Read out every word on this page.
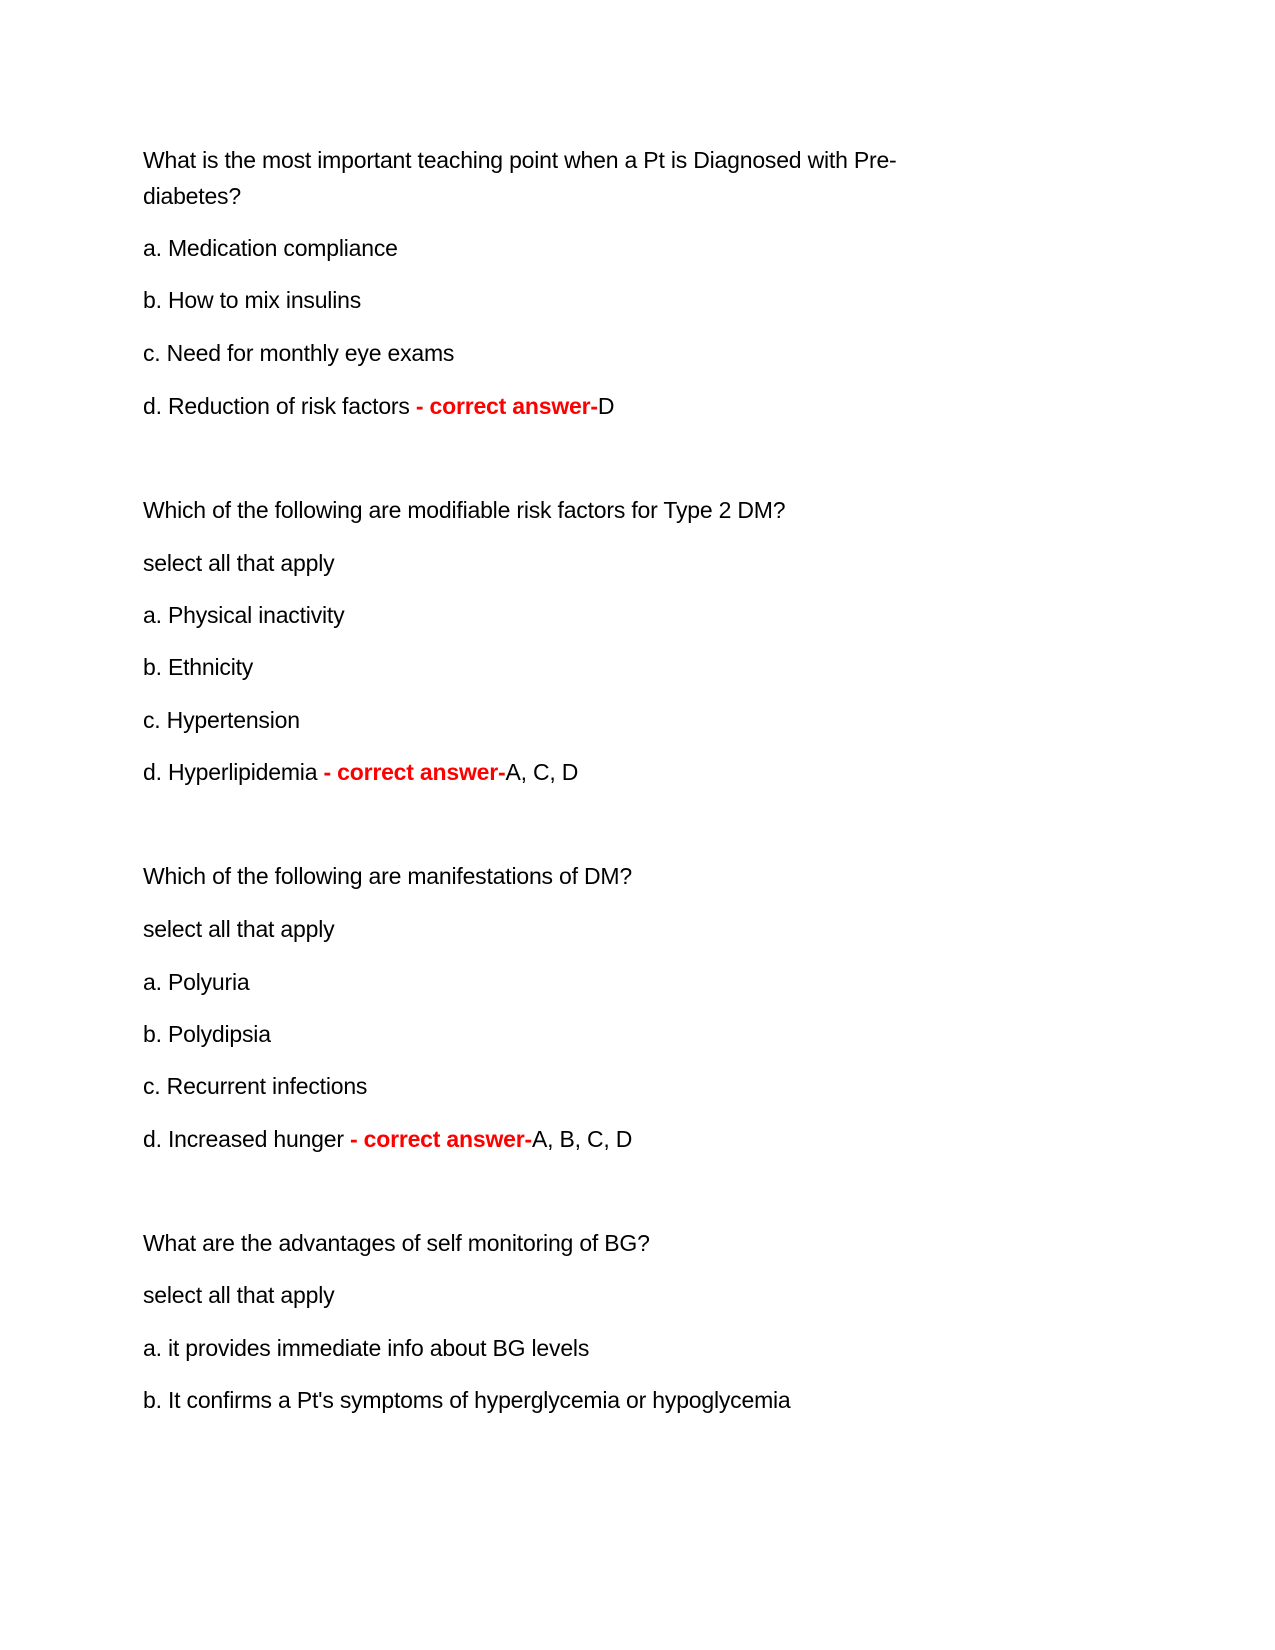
What is the most important teaching point when a Pt is Diagnosed with Pre-
diabetes?
a. Medication compliance
b. How to mix insulins
c. Need for monthly eye exams
d. Reduction of risk factors - correct answer-D
Which of the following are modifiable risk factors for Type 2 DM?
select all that apply
a. Physical inactivity
b. Ethnicity
c. Hypertension
d. Hyperlipidemia - correct answer-A, C, D
Which of the following are manifestations of DM?
select all that apply
a. Polyuria
b. Polydipsia
c. Recurrent infections
d. Increased hunger - correct answer-A, B, C, D
What are the advantages of self monitoring of BG?
select all that apply
a. it provides immediate info about BG levels
b. It confirms a Pt's symptoms of hyperglycemia or hypoglycemia
